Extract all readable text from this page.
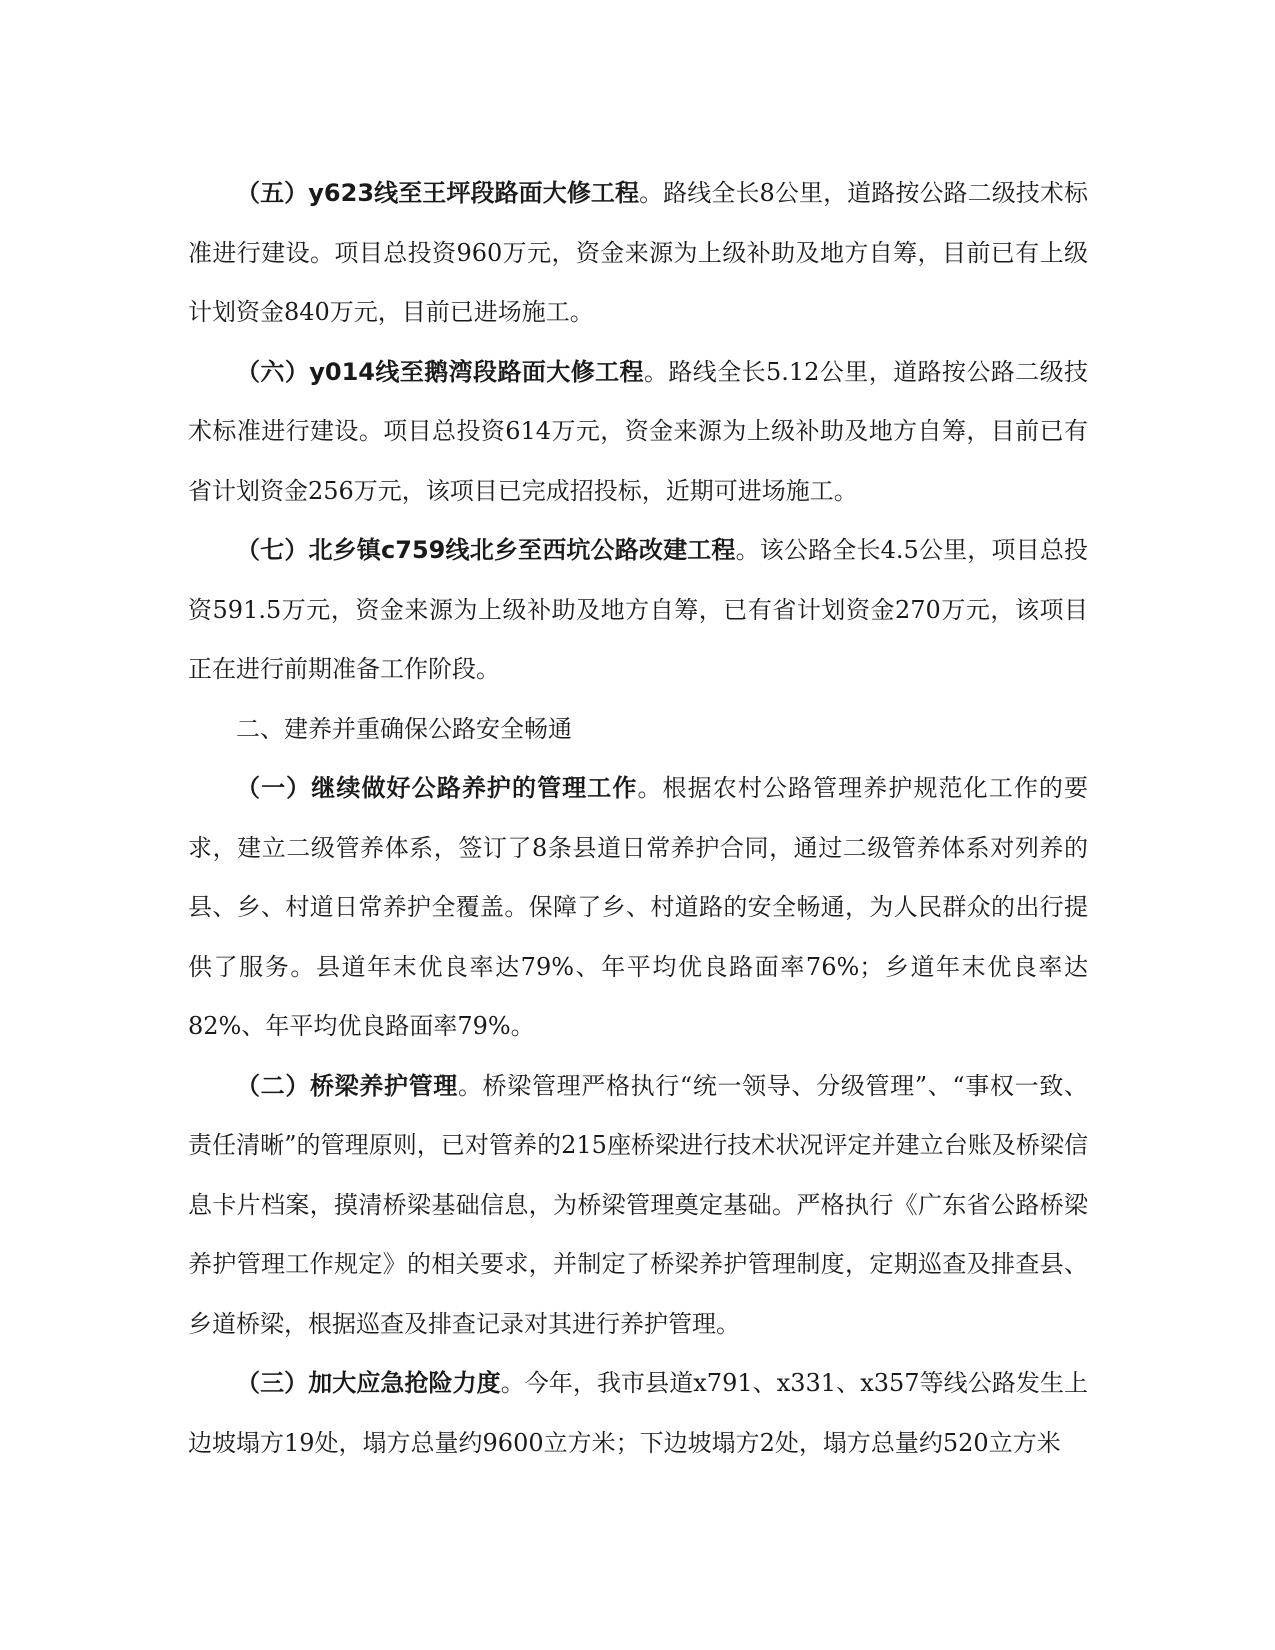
（五）y623线至王坪段路面大修工程。路线全长8公里，道路按公路二级技术标准进行建设。项目总投资960万元，资金来源为上级补助及地方自筹，目前已有上级计划资金840万元，目前已进场施工。

（六）y014线至鹅湾段路面大修工程。路线全长5.12公里，道路按公路二级技术标准进行建设。项目总投资614万元，资金来源为上级补助及地方自筹，目前已有省计划资金256万元，该项目已完成招投标，近期可进场施工。

（七）北乡镇c759线北乡至西坑公路改建工程。该公路全长4.5公里，项目总投资591.5万元，资金来源为上级补助及地方自筹，已有省计划资金270万元，该项目正在进行前期准备工作阶段。

二、建养并重确保公路安全畅通

（一）继续做好公路养护的管理工作。根据农村公路管理养护规范化工作的要求，建立二级管养体系，签订了8条县道日常养护合同，通过二级管养体系对列养的县、乡、村道日常养护全覆盖。保障了乡、村道路的安全畅通，为人民群众的出行提供了服务。县道年末优良率达79%、年平均优良路面率76%；乡道年末优良率达82%、年平均优良路面率79%。

（二）桥梁养护管理。桥梁管理严格执行“统一领导、分级管理”、“事权一致、责任清晰”的管理原则，已对管养的215座桥梁进行技术状况评定并建立台账及桥梁信息卡片档案，摸清桥梁基础信息，为桥梁管理奠定基础。严格执行《广东省公路桥梁养护管理工作规定》的相关要求，并制定了桥梁养护管理制度，定期巡查及排查县、乡道桥梁，根据巡查及排查记录对其进行养护管理。

（三）加大应急抢险力度。今年，我市县道x791、x331、x357等线公路发生上边坡塌方19处，塌方总量约9600立方米；下边坡塌方2处，塌方总量约520立方米
